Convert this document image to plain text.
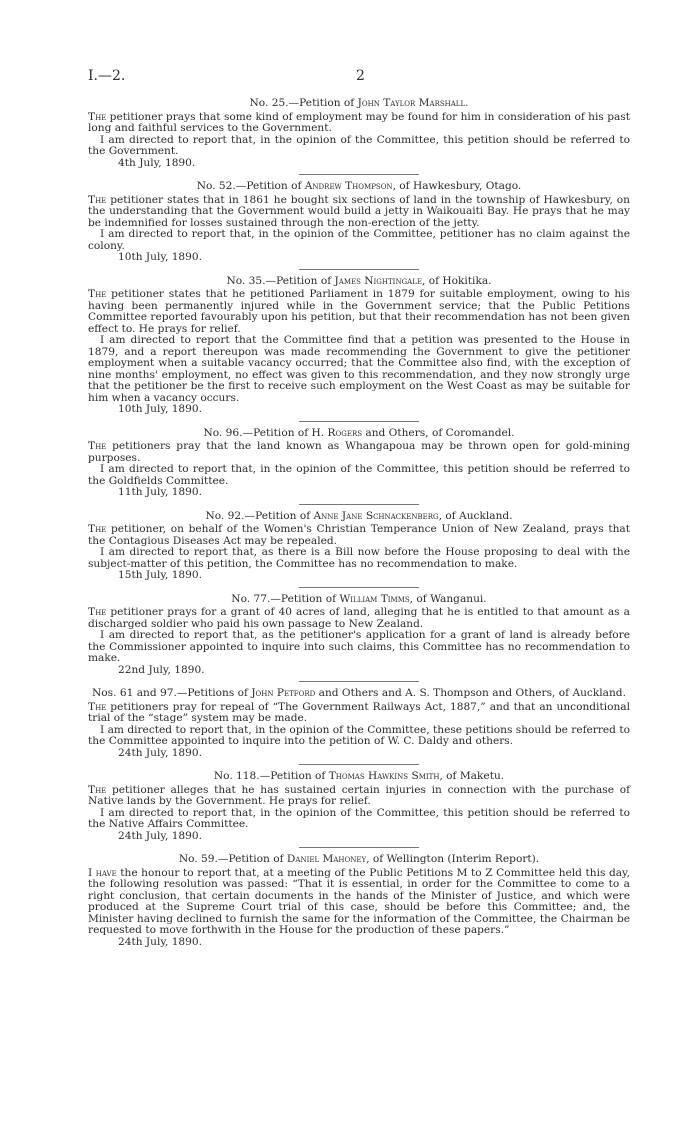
I.—2.	2

No. 25.—Petition of John Taylor Marshall.

The petitioner prays that some kind of employment may be found for him in consideration of his past long and faithful services to the Government.

I am directed to report that, in the opinion of the Committee, this petition should be referred to the Government.

4th July, 1890.

No. 52.—Petition of Andrew Thompson, of Hawkesbury, Otago.

The petitioner states that in 1861 he bought six sections of land in the township of Hawkesbury, on the understanding that the Government would build a jetty in Waikouaiti Bay. He prays that he may be indemnified for losses sustained through the non-erection of the jetty.

I am directed to report that, in the opinion of the Committee, petitioner has no claim against the colony.

10th July, 1890.

No. 35.—Petition of James Nightingale, of Hokitika.

The petitioner states that he petitioned Parliament in 1879 for suitable employment, owing to his having been permanently injured while in the Government service; that the Public Petitions Committee reported favourably upon his petition, but that their recommendation has not been given effect to. He prays for relief.

I am directed to report that the Committee find that a petition was presented to the House in 1879, and a report thereupon was made recommending the Government to give the petitioner employment when a suitable vacancy occurred; that the Committee also find, with the exception of nine months' employment, no effect was given to this recommendation, and they now strongly urge that the petitioner be the first to receive such employment on the West Coast as may be suitable for him when a vacancy occurs.

10th July, 1890.

No. 96.—Petition of H. Rogers and Others, of Coromandel.

The petitioners pray that the land known as Whangapoua may be thrown open for gold-mining purposes.

I am directed to report that, in the opinion of the Committee, this petition should be referred to the Goldfields Committee.

11th July, 1890.

No. 92.—Petition of Anne Jane Schnackenberg, of Auckland.

The petitioner, on behalf of the Women's Christian Temperance Union of New Zealand, prays that the Contagious Diseases Act may be repealed.

I am directed to report that, as there is a Bill now before the House proposing to deal with the subject-matter of this petition, the Committee has no recommendation to make.

15th July, 1890.

No. 77.—Petition of William Timms, of Wanganui.

The petitioner prays for a grant of 40 acres of land, alleging that he is entitled to that amount as a discharged soldier who paid his own passage to New Zealand.

I am directed to report that, as the petitioner's application for a grant of land is already before the Commissioner appointed to inquire into such claims, this Committee has no recommendation to make.

22nd July, 1890.

Nos. 61 and 97.—Petitions of John Petford and Others and A. S. Thompson and Others, of Auckland.

The petitioners pray for repeal of “The Government Railways Act, 1887,” and that an unconditional trial of the “stage” system may be made.

I am directed to report that, in the opinion of the Committee, these petitions should be referred to the Committee appointed to inquire into the petition of W. C. Daldy and others.

24th July, 1890.

No. 118.—Petition of Thomas Hawkins Smith, of Maketu.

The petitioner alleges that he has sustained certain injuries in connection with the purchase of Native lands by the Government. He prays for relief.

I am directed to report that, in the opinion of the Committee, this petition should be referred to the Native Affairs Committee.

24th July, 1890.

No. 59.—Petition of Daniel Mahoney, of Wellington (Interim Report).

I have the honour to report that, at a meeting of the Public Petitions M to Z Committee held this day, the following resolution was passed: “That it is essential, in order for the Committee to come to a right conclusion, that certain documents in the hands of the Minister of Justice, and which were produced at the Supreme Court trial of this case, should be before this Committee; and, the Minister having declined to furnish the same for the information of the Committee, the Chairman be requested to move forthwith in the House for the production of these papers.”

24th July, 1890.
